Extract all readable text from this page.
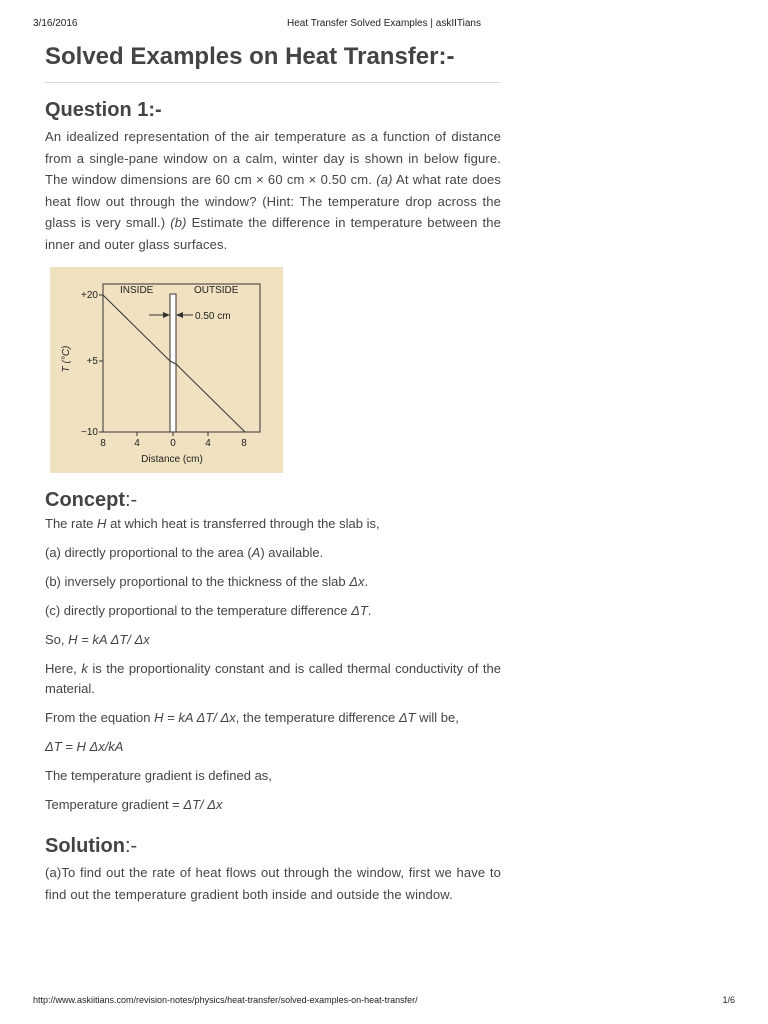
3/16/2016	Heat Transfer Solved Examples | askIITians
Solved Examples on Heat Transfer:-
Question 1:-

An idealized representation of the air temperature as a function of distance from a single-pane window on a calm, winter day is shown in below figure. The window dimensions are 60 cm × 60 cm × 0.50 cm. (a) At what rate does heat flow out through the window? (Hint: The temperature drop across the glass is very small.) (b) Estimate the difference in temperature between the inner and outer glass surfaces.

INSIDE	OUTSIDE
0.50 cm
+20
+5
−10
8	4	0	4	8
Distance (cm)
T (°C)
Concept:-

The rate H at which heat is transferred through the slab is,

(a) directly proportional to the area (A) available.

(b) inversely proportional to the thickness of the slab Δx.

(c) directly proportional to the temperature difference ΔT.

So, H = kA ΔT/ Δx

Here, k is the proportionality constant and is called thermal conductivity of the material.

From the equation H = kA ΔT/ Δx, the temperature difference ΔT will be,

ΔT = H Δx/kA

The temperature gradient is defined as,

Temperature gradient = ΔT/ Δx

Solution:-

(a)To find out the rate of heat flows out through the window, first we have to find out the temperature gradient both inside and outside the window.

http://www.askiitians.com/revision-notes/physics/heat-transfer/solved-examples-on-heat-transfer/	1/6
